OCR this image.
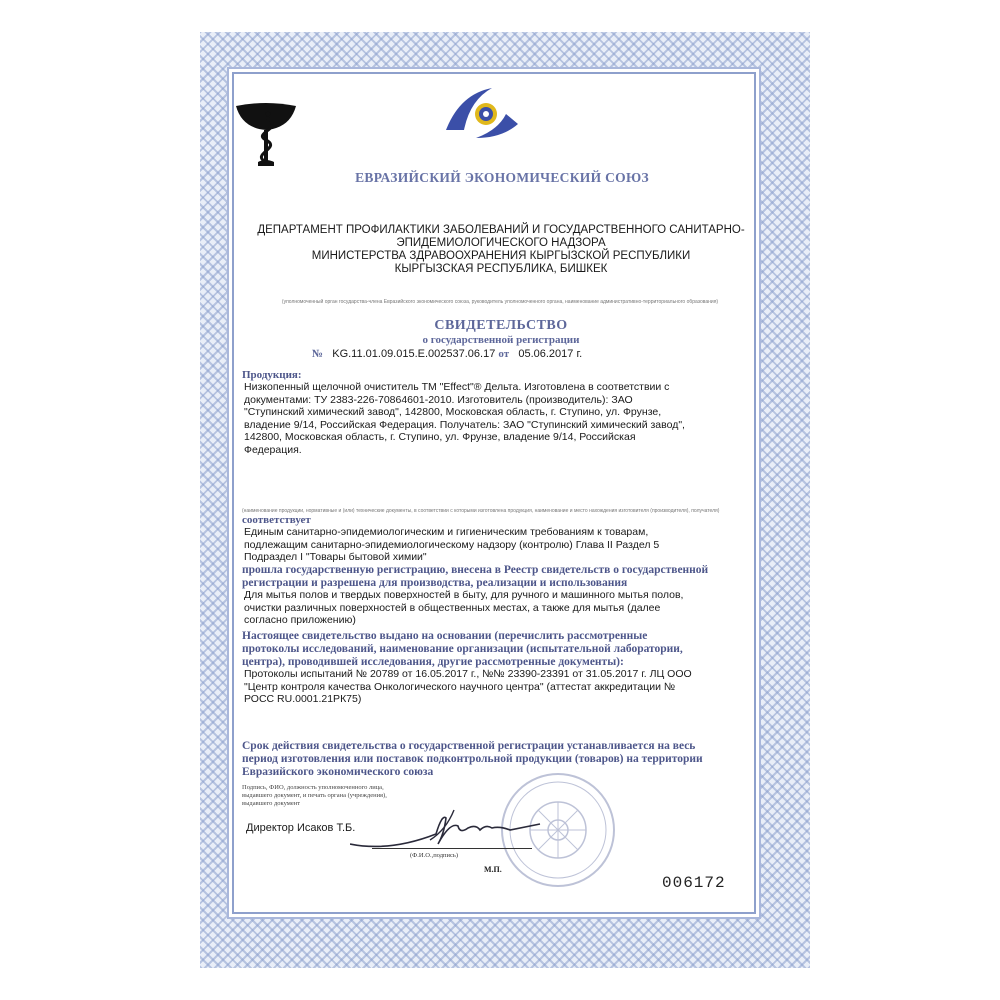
ЕВРАЗИЙСКИЙ ЭКОНОМИЧЕСКИЙ СОЮЗ
ДЕПАРТАМЕНТ ПРОФИЛАКТИКИ ЗАБОЛЕВАНИЙ И ГОСУДАРСТВЕННОГО САНИТАРНО-
ЭПИДЕМИОЛОГИЧЕСКОГО НАДЗОРА
МИНИСТЕРСТВА ЗДРАВООХРАНЕНИЯ КЫРГЫЗСКОЙ РЕСПУБЛИКИ
КЫРГЫЗСКАЯ РЕСПУБЛИКА, БИШКЕК
(уполномоченный орган государства-члена Евразийского экономического союза, руководитель уполномоченного органа, наименование административно-территориального образования)
СВИДЕТЕЛЬСТВО
о государственной регистрации
№ KG.11.01.09.015.E.002537.06.17 от 05.06.2017 г.
Продукция:
Низкопенный щелочной очиститель ТМ "Effect"® Дельта. Изготовлена в соответствии с
документами: ТУ 2383-226-70864601-2010. Изготовитель (производитель): ЗАО
"Ступинский химический завод", 142800, Московская область, г. Ступино, ул. Фрунзе,
владение 9/14, Российская Федерация. Получатель: ЗАО "Ступинский химический завод",
142800, Московская область, г. Ступино, ул. Фрунзе, владение 9/14, Российская
Федерация.
(наименование продукции, нормативные и (или) технические документы, в соответствии с которыми изготовлена продукция, наименование и место нахождения изготовителя (производителя), получателя)
соответствует
Единым санитарно-эпидемиологическим и гигиеническим требованиям к товарам,
подлежащим санитарно-эпидемиологическому надзору (контролю) Глава II Раздел 5
Подраздел I "Товары бытовой химии"
прошла государственную регистрацию, внесена в Реестр свидетельств о государственной
регистрации и разрешена для производства, реализации и использования
Для мытья полов и твердых поверхностей в быту, для ручного и машинного мытья полов,
очистки различных поверхностей в общественных местах, а также для мытья (далее
согласно приложению)
Настоящее свидетельство выдано на основании (перечислить рассмотренные
протоколы исследований, наименование организации (испытательной лаборатории,
центра), проводившей исследования, другие рассмотренные документы):
Протоколы испытаний № 20789 от 16.05.2017 г., №№ 23390-23391 от 31.05.2017 г. ЛЦ ООО
"Центр контроля качества Онкологического научного центра" (аттестат аккредитации №
РОСС RU.0001.21РК75)
Срок действия свидетельства о государственной регистрации устанавливается на весь
период изготовления или поставок подконтрольной продукции (товаров) на территории
Евразийского экономического союза
Подпись, ФИО, должность уполномоченного лица,
выдавшего документ, и печать органа (учреждения),
выдавшего документ
Директор Исаков Т.Б.
(Ф.И.О.,подпись)
М.П.
006172
